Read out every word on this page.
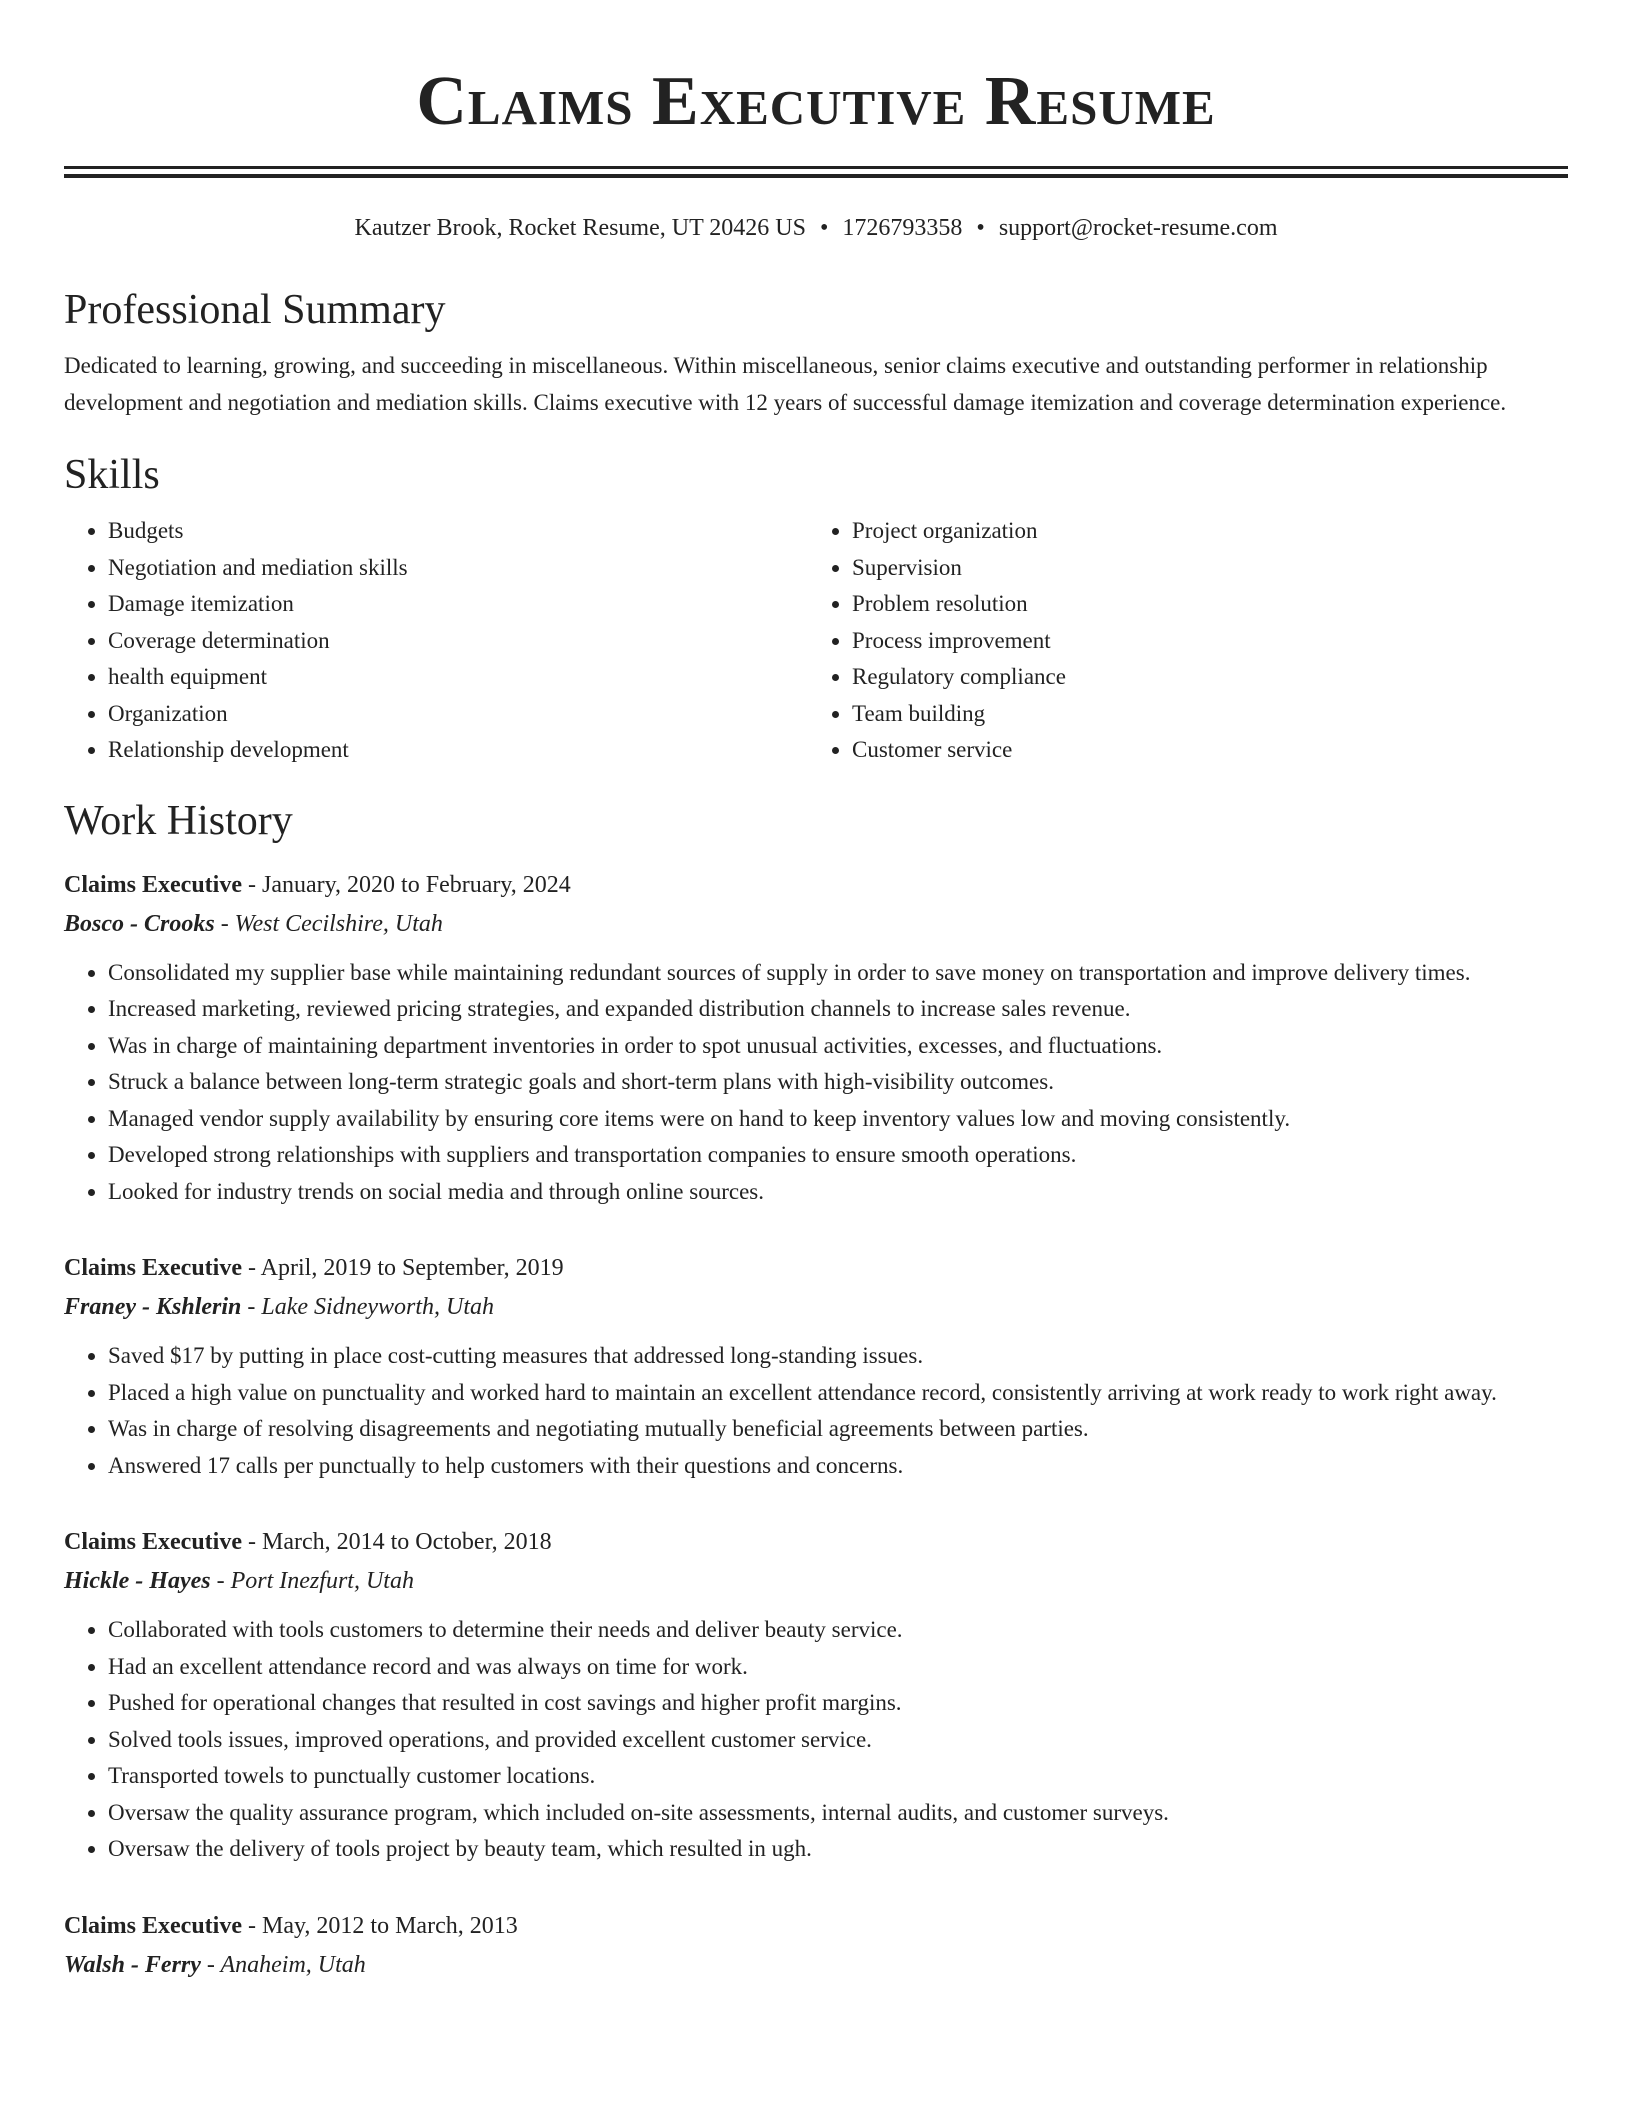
Claims Executive Resume
Kautzer Brook, Rocket Resume, UT 20426 US • 1726793358 • support@rocket-resume.com
Professional Summary

Dedicated to learning, growing, and succeeding in miscellaneous. Within miscellaneous, senior claims executive and outstanding performer in relationship development and negotiation and mediation skills. Claims executive with 12 years of successful damage itemization and coverage determination experience.

Skills
• Budgets
• Negotiation and mediation skills
• Damage itemization
• Coverage determination
• health equipment
• Organization
• Relationship development
• Project organization
• Supervision
• Problem resolution
• Process improvement
• Regulatory compliance
• Team building
• Customer service
Work History
Claims Executive - January, 2020 to February, 2024
Bosco - Crooks - West Cecilshire, Utah
• Consolidated my supplier base while maintaining redundant sources of supply in order to save money on transportation and improve delivery times.
• Increased marketing, reviewed pricing strategies, and expanded distribution channels to increase sales revenue.
• Was in charge of maintaining department inventories in order to spot unusual activities, excesses, and fluctuations.
• Struck a balance between long-term strategic goals and short-term plans with high-visibility outcomes.
• Managed vendor supply availability by ensuring core items were on hand to keep inventory values low and moving consistently.
• Developed strong relationships with suppliers and transportation companies to ensure smooth operations.
• Looked for industry trends on social media and through online sources.
Claims Executive - April, 2019 to September, 2019
Franey - Kshlerin - Lake Sidneyworth, Utah
• Saved $17 by putting in place cost-cutting measures that addressed long-standing issues.
• Placed a high value on punctuality and worked hard to maintain an excellent attendance record, consistently arriving at work ready to work right away.
• Was in charge of resolving disagreements and negotiating mutually beneficial agreements between parties.
• Answered 17 calls per punctually to help customers with their questions and concerns.
Claims Executive - March, 2014 to October, 2018
Hickle - Hayes - Port Inezfurt, Utah
• Collaborated with tools customers to determine their needs and deliver beauty service.
• Had an excellent attendance record and was always on time for work.
• Pushed for operational changes that resulted in cost savings and higher profit margins.
• Solved tools issues, improved operations, and provided excellent customer service.
• Transported towels to punctually customer locations.
• Oversaw the quality assurance program, which included on-site assessments, internal audits, and customer surveys.
• Oversaw the delivery of tools project by beauty team, which resulted in ugh.
Claims Executive - May, 2012 to March, 2013
Walsh - Ferry - Anaheim, Utah
